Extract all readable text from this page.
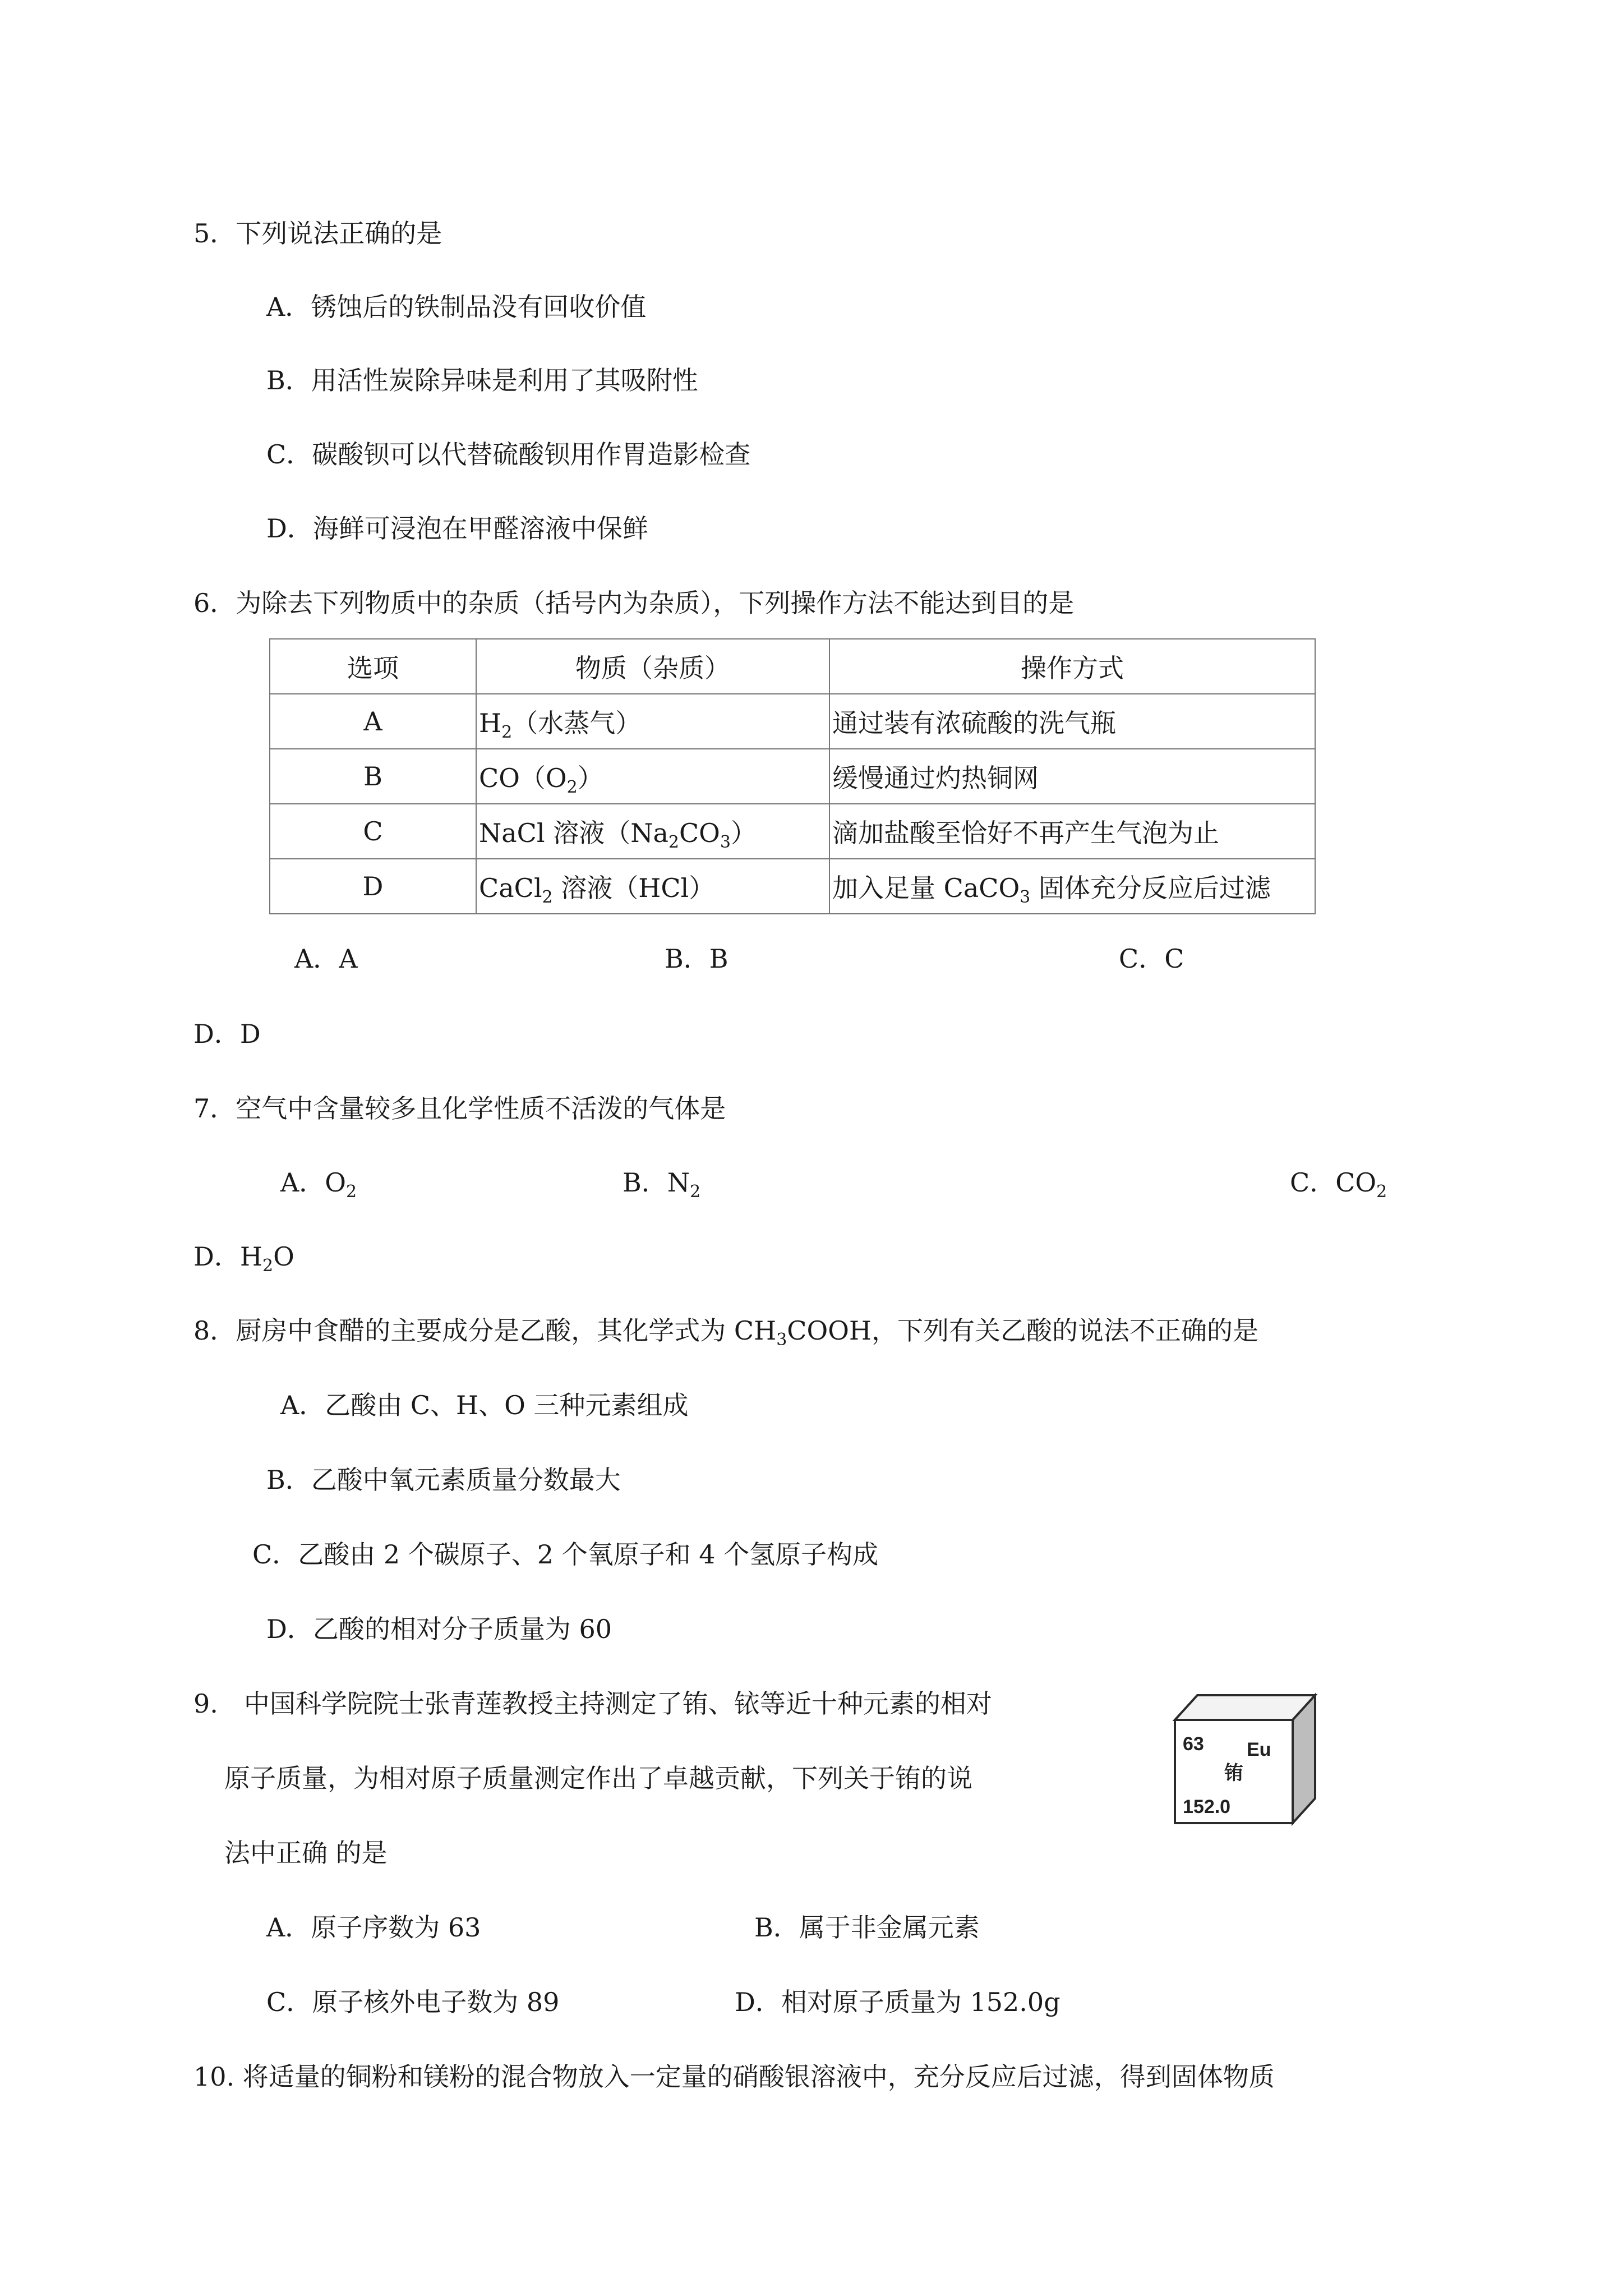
5．下列说法正确的是
A．锈蚀后的铁制品没有回收价值
B．用活性炭除异味是利用了其吸附性
C．碳酸钡可以代替硫酸钡用作胃造影检查
D．海鲜可浸泡在甲醛溶液中保鲜
6．为除去下列物质中的杂质（括号内为杂质），下列操作方法不能达到目的是
选项	物质（杂质）	操作方式
A	$H_2$（水蒸气）	通过装有浓硫酸的洗气瓶
B	$CO(O_2)$	缓慢通过灼热铜网
C	NaCl 溶液$(Na_2CO_3)$	滴加盐酸至恰好不再产生气泡为止
D	CaCl$_2$ 溶液（HCl）	加入足量 CaCO$_3$ 固体充分反应后过滤
A．A	B．B	C．C
D．D
7．空气中含量较多且化学性质不活泼的气体是
A．$O_2$	B．$N_2$	C．$CO_2$
D．$H_2O$
8．厨房中食醋的主要成分是乙酸，其化学式为 $CH_3COOH$，下列有关乙酸的说法不正确的是
A．乙酸由 C、H、O 三种元素组成
B．乙酸中氧元素质量分数最大
C．乙酸由 2 个碳原子、2 个氧原子和 4 个氢原子构成
D．乙酸的相对分子质量为 60
9.　中国科学院院士张青莲教授主持测定了铕、铱等近十种元素的相对
原子质量，为相对原子质量测定作出了卓越贡献，下列关于铕的说
法中正确 的是
63 Eu
铕
152.0
A．原子序数为 63	B．属于非金属元素
C．原子核外电子数为 89	D．相对原子质量为 152.0g
10. 将适量的铜粉和镁粉的混合物放入一定量的硝酸银溶液中，充分反应后过滤，得到固体物质
